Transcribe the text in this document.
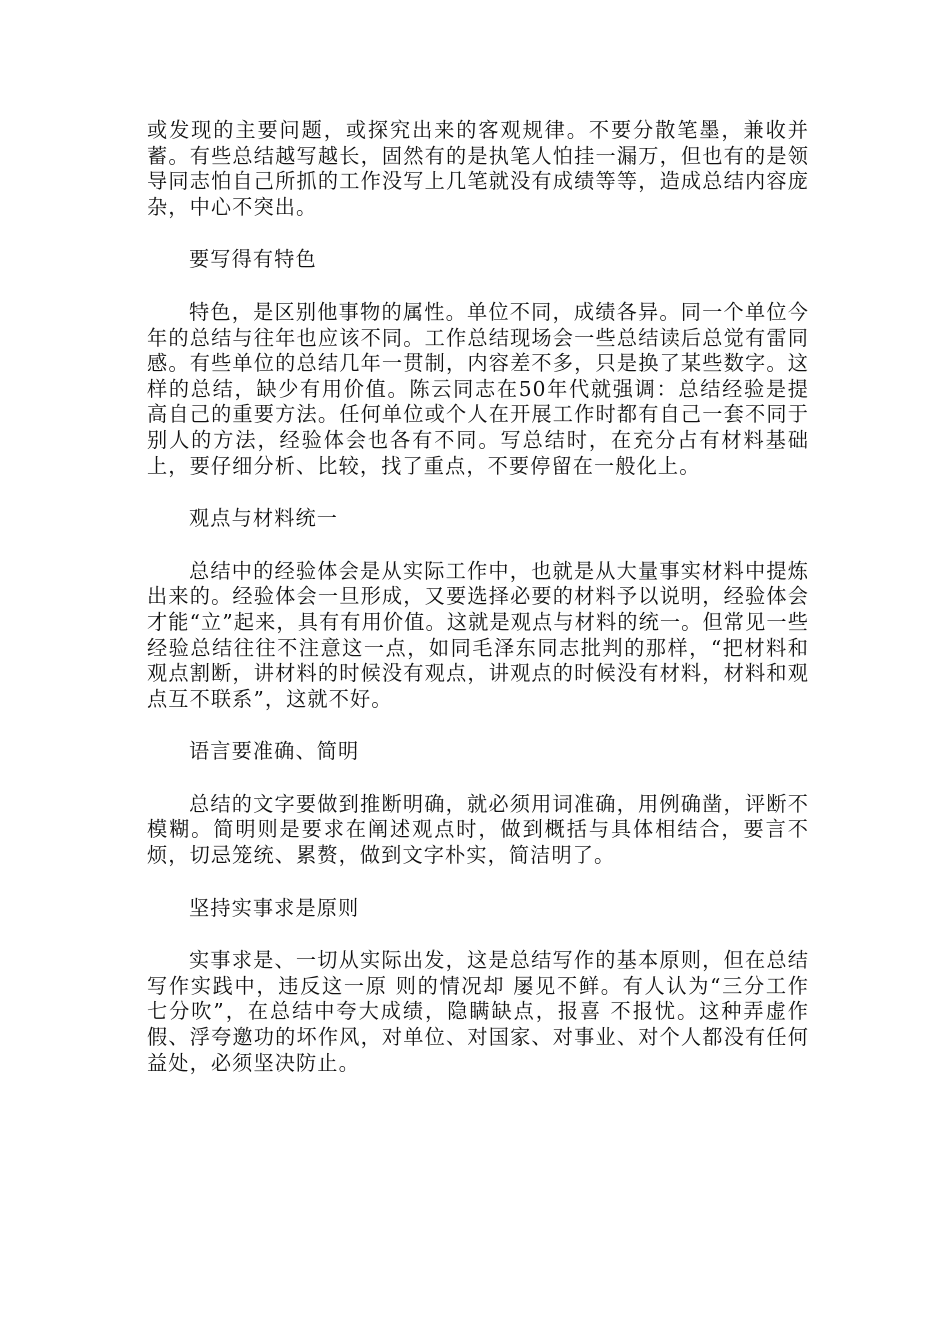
或发现的主要问题，或探究出来的客观规律。不要分散笔墨，兼收并蓄。有些总结越写越长，固然有的是执笔人怕挂一漏万，但也有的是领导同志怕自己所抓的工作没写上几笔就没有成绩等等，造成总结内容庞杂，中心不突出。

要写得有特色

特色，是区别他事物的属性。单位不同，成绩各异。同一个单位今年的总结与往年也应该不同。工作总结现场会一些总结读后总觉有雷同感。有些单位的总结几年一贯制，内容差不多，只是换了某些数字。这样的总结，缺少有用价值。陈云同志在50年代就强调：总结经验是提高自己的重要方法。任何单位或个人在开展工作时都有自己一套不同于别人的方法，经验体会也各有不同。写总结时，在充分占有材料基础上，要仔细分析、比较，找了重点，不要停留在一般化上。

观点与材料统一

总结中的经验体会是从实际工作中，也就是从大量事实材料中提炼出来的。经验体会一旦形成，又要选择必要的材料予以说明，经验体会才能“立”起来，具有有用价值。这就是观点与材料的统一。但常见一些经验总结往往不注意这一点，如同毛泽东同志批判的那样，“把材料和观点割断，讲材料的时候没有观点，讲观点的时候没有材料，材料和观点互不联系”，这就不好。

语言要准确、简明

总结的文字要做到推断明确，就必须用词准确，用例确凿，评断不模糊。简明则是要求在阐述观点时，做到概括与具体相结合，要言不烦，切忌笼统、累赘，做到文字朴实，简洁明了。

坚持实事求是原则

实事求是、一切从实际出发，这是总结写作的基本原则，但在总结写作实践中，违反这一原 则的情况却 屡见不鲜。有人认为“三分工作七分吹”，在总结中夸大成绩，隐瞒缺点，报喜 不报忧。这种弄虚作假、浮夸邀功的坏作风，对单位、对国家、对事业、对个人都没有任何 益处，必须坚决防止。
